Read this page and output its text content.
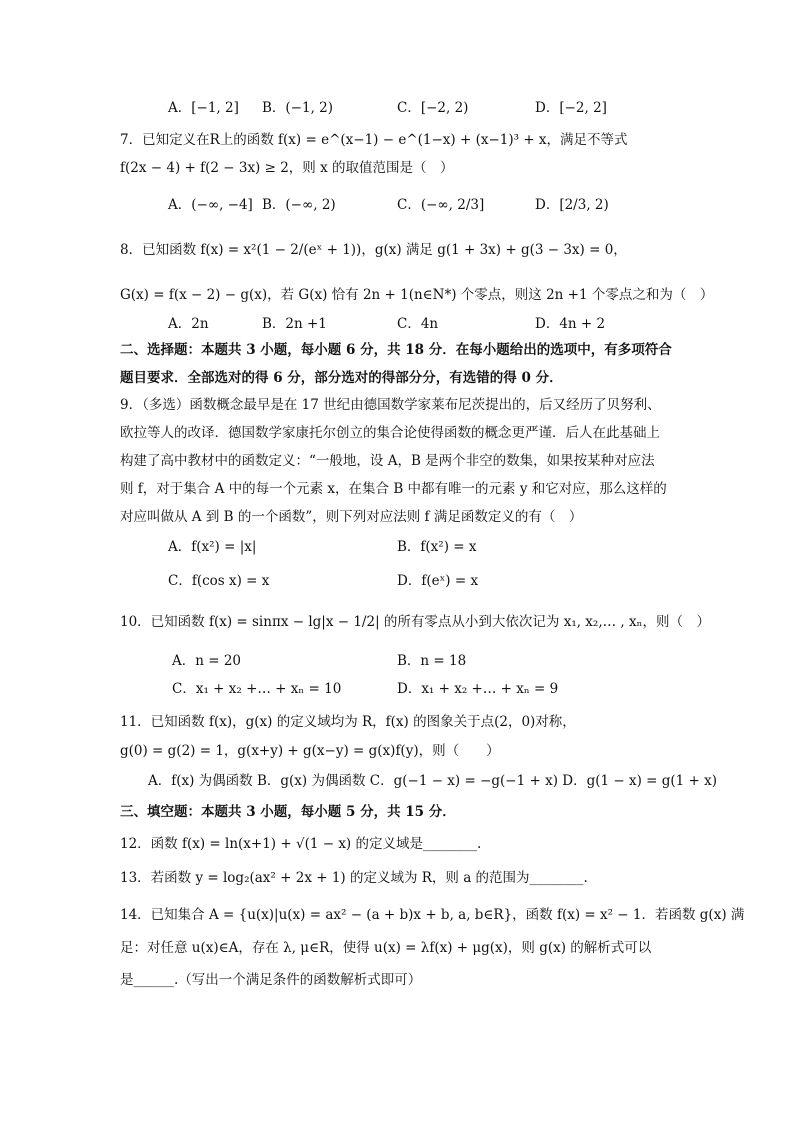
A．[−1, 2] B．(−1, 2)	C．[−2, 2)	D．[−2, 2]
7．已知定义在R上的函数 f(x) = e^(x−1) − e^(1−x) + (x−1)³ + x，满足不等式
f(2x − 4) + f(2 − 3x) ≥ 2，则 x 的取值范围是（　）
A．(−∞, −4] B．(−∞, 2)	C．(−∞, 2/3]	D．[2/3, 2)
8．已知函数 f(x) = x²(1 − 2/(eˣ + 1))，g(x) 满足 g(1 + 3x) + g(3 − 3x) = 0，
G(x) = f(x − 2) − g(x)，若 G(x) 恰有 2n + 1(n∈N*) 个零点，则这 2n +1 个零点之和为（　）
A．2n	B．2n +1	C．4n	D．4n + 2
二、选择题：本题共 3 小题，每小题 6 分，共 18 分．在每小题给出的选项中，有多项符合
题目要求．全部选对的得 6 分，部分选对的得部分分，有选错的得 0 分．
9．（多选）函数概念最早是在 17 世纪由德国数学家莱布尼茨提出的，后又经历了贝努利、
欧拉等人的改译．德国数学家康托尔创立的集合论使得函数的概念更严谨．后人在此基础上
构建了高中教材中的函数定义：“一般地，设 A，B 是两个非空的数集，如果按某种对应法
则 f，对于集合 A 中的每一个元素 x，在集合 B 中都有唯一的元素 y 和它对应，那么这样的
对应叫做从 A 到 B 的一个函数”，则下列对应法则 f 满足函数定义的有（　）
A．f(x²) = |x|	B．f(x²) = x
C．f(cos x) = x	D．f(eˣ) = x
10．已知函数 f(x) = sinπx − lg|x − 1/2| 的所有零点从小到大依次记为 x₁, x₂,… , xₙ，则（　）
A．n = 20	B．n = 18
C．x₁ + x₂ +… + xₙ = 10	D．x₁ + x₂ +… + xₙ = 9
11．已知函数 f(x)，g(x) 的定义域均为 R，f(x) 的图象关于点(2，0)对称，
g(0) = g(2) = 1，g(x+y) + g(x−y) = g(x)f(y)，则（　　）
A．f(x) 为偶函数 B．g(x) 为偶函数 C．g(−1 − x) = −g(−1 + x) D．g(1 − x) = g(1 + x)
三、填空题：本题共 3 小题，每小题 5 分，共 15 分．
12．函数 f(x) = ln(x+1) + √(1 − x) 的定义域是________.
13．若函数 y = log₂(ax² + 2x + 1) 的定义域为 R，则 a 的范围为________.
14．已知集合 A = {u(x)|u(x) = ax² − (a + b)x + b, a, b∈R}，函数 f(x) = x² − 1．若函数 g(x) 满
足：对任意 u(x)∈A，存在 λ, μ∈R，使得 u(x) = λf(x) + μg(x)，则 g(x) 的解析式可以
是______.（写出一个满足条件的函数解析式即可）
